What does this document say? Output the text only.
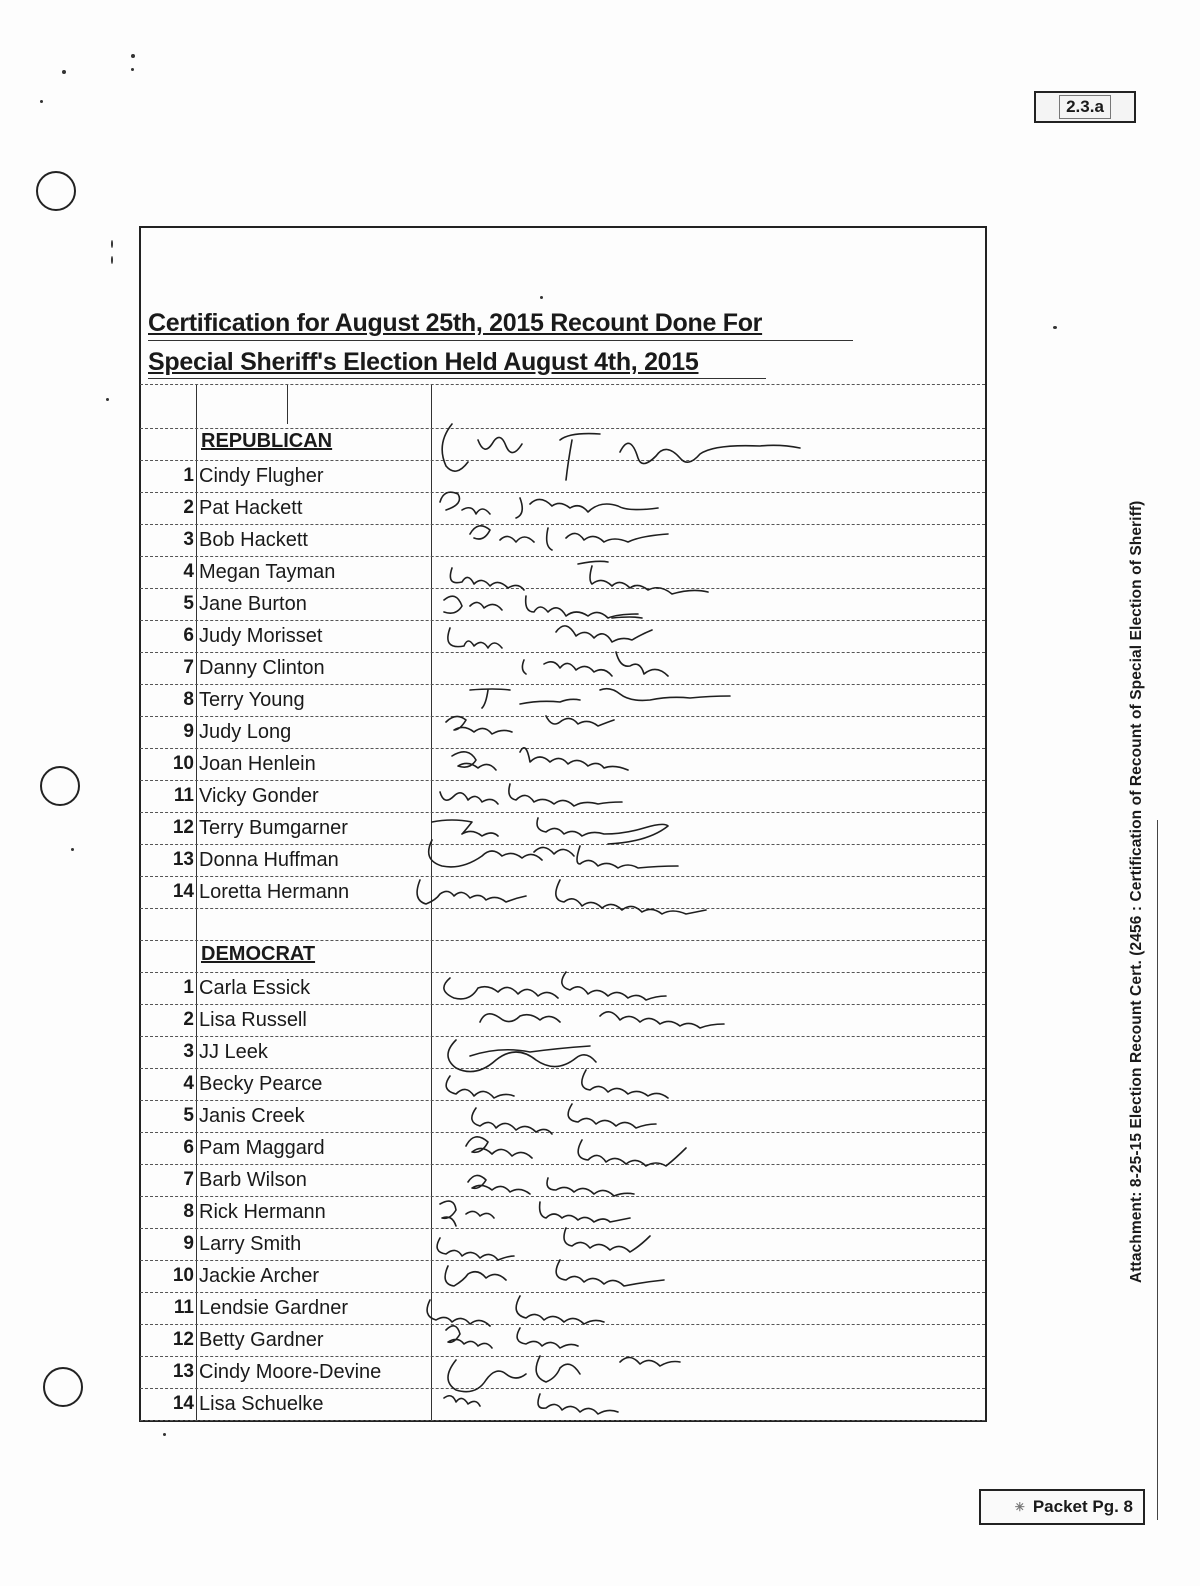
2.3.a
Attachment: 8-25-15 Election Recount Cert. (2456 : Certification of Recount of Special Election of Sheriff)
Certification for August 25th, 2015 Recount Done For
Special Sheriff's Election Held August 4th, 2015
REPUBLICAN
DEMOCRAT
1 Cindy Flugher
2 Pat Hackett
3 Bob Hackett
4 Megan Tayman
5 Jane Burton
6 Judy Morisset
7 Danny Clinton
8 Terry Young
9 Judy Long
10 Joan Henlein
11 Vicky Gonder
12 Terry Bumgarner
13 Donna Huffman
14 Loretta Hermann
1 Carla Essick
2 Lisa Russell
3 JJ Leek
4 Becky Pearce
5 Janis Creek
6 Pam Maggard
7 Barb Wilson
8 Rick Hermann
9 Larry Smith
10 Jackie Archer
11 Lendsie Gardner
12 Betty Gardner
13 Cindy Moore-Devine
14 Lisa Schuelke
✳ Packet Pg. 8
